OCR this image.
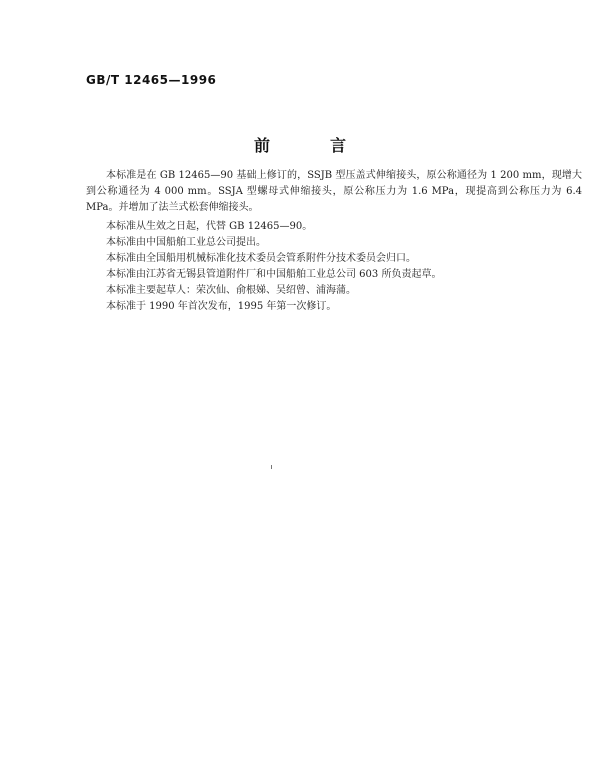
GB/T 12465—1996
前　言

本标准是在 GB 12465—90 基础上修订的，SSJB 型压盖式伸缩接头，原公称通径为 1 200 mm，现增大到公称通径为 4 000 mm。SSJA 型螺母式伸缩接头，原公称压力为 1.6 MPa，现提高到公称压力为 6.4 MPa。并增加了法兰式松套伸缩接头。

本标准从生效之日起，代替 GB 12465—90。

本标准由中国船舶工业总公司提出。

本标准由全国船用机械标准化技术委员会管系附件分技术委员会归口。

本标准由江苏省无锡县管道附件厂和中国船舶工业总公司 603 所负责起草。

本标准主要起草人：荣次仙、俞根娣、吴绍曾、浦海蒲。

本标准于 1990 年首次发布，1995 年第一次修订。
